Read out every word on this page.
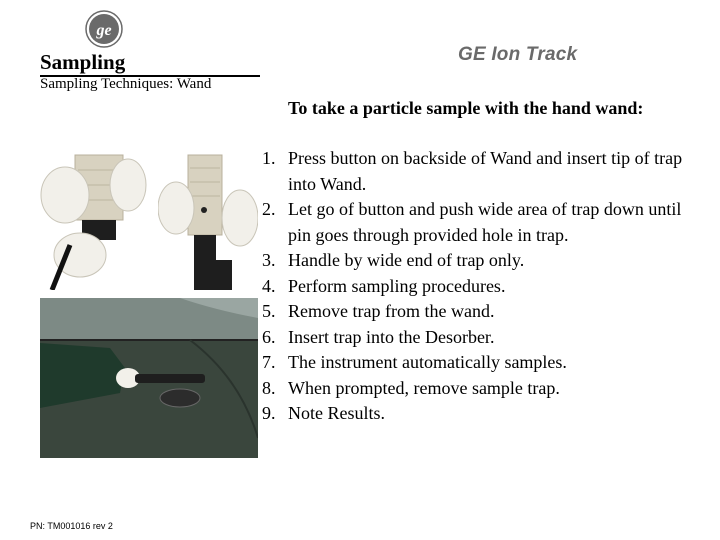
ge
Sampling	GE Ion Track
Sampling Techniques: Wand
To take a particle sample with the hand wand:
1. Press button on backside of Wand and insert tip of trap into Wand.
2. Let go of button and push wide area of trap down until pin goes through provided hole in trap.
3. Handle by wide end of trap only.
4. Perform sampling procedures.
5. Remove trap from the wand.
6. Insert trap into the Desorber.
7. The instrument automatically samples.
8. When prompted, remove sample trap.
9. Note Results.
PN: TM001016 rev 2
